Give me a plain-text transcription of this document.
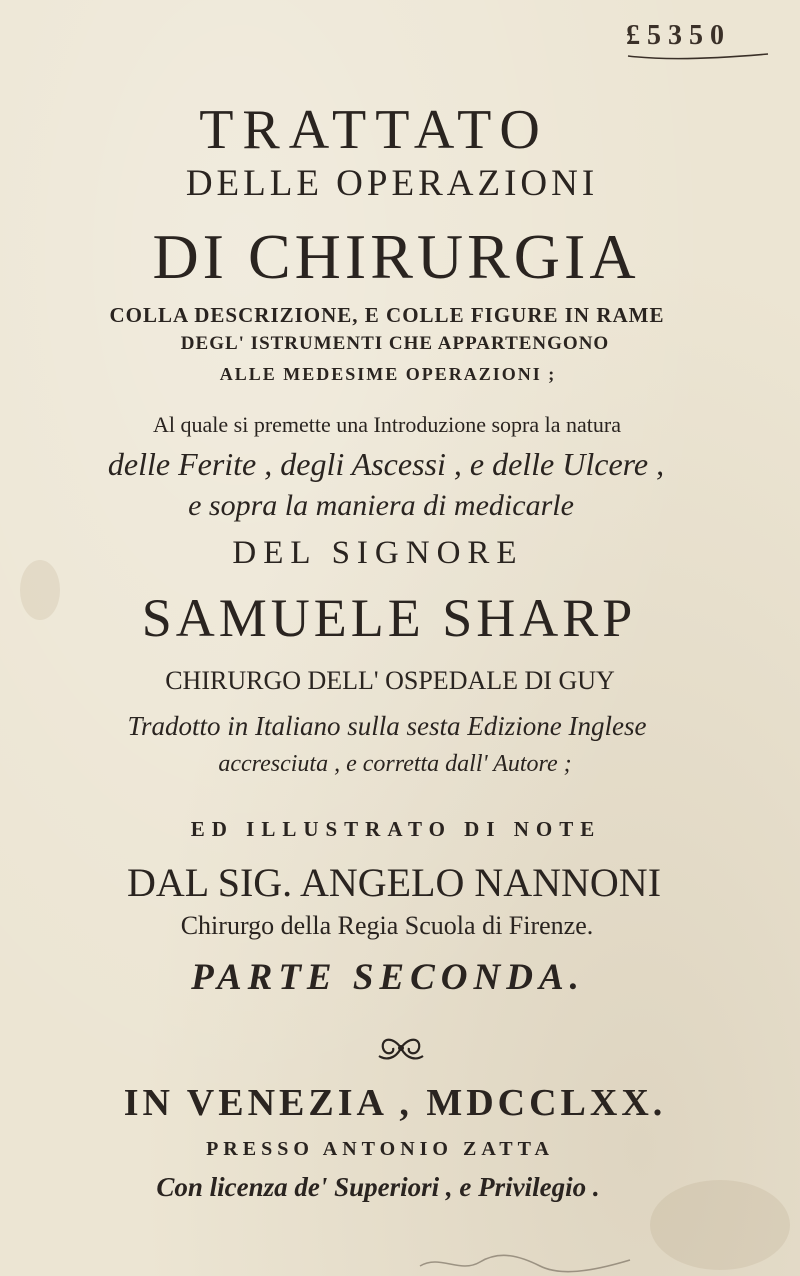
£ 5 3 5 0
TRATTATO
DELLE OPERAZIONI
DI CHIRURGIA
COLLA DESCRIZIONE, E COLLE FIGURE IN RAME
DEGL' ISTRUMENTI CHE APPARTENGONO
ALLE MEDESIME OPERAZIONI ;
Al quale si premette una Introduzione sopra la natura
delle Ferite , degli Ascessi , e delle Ulcere ,
e sopra la maniera di medicarle
DEL SIGNORE
SAMUELE SHARP
CHIRURGO DELL' OSPEDALE DI GUY
Tradotto in Italiano sulla sesta Edizione Inglese
accresciuta , e corretta dall' Autore ;
ED ILLUSTRATO DI NOTE
DAL SIG. ANGELO NANNONI
Chirurgo della Regia Scuola di Firenze.
PARTE SECONDA.
IN VENEZIA , MDCCLXX.
PRESSO ANTONIO ZATTA
Con licenza de' Superiori , e Privilegio .
